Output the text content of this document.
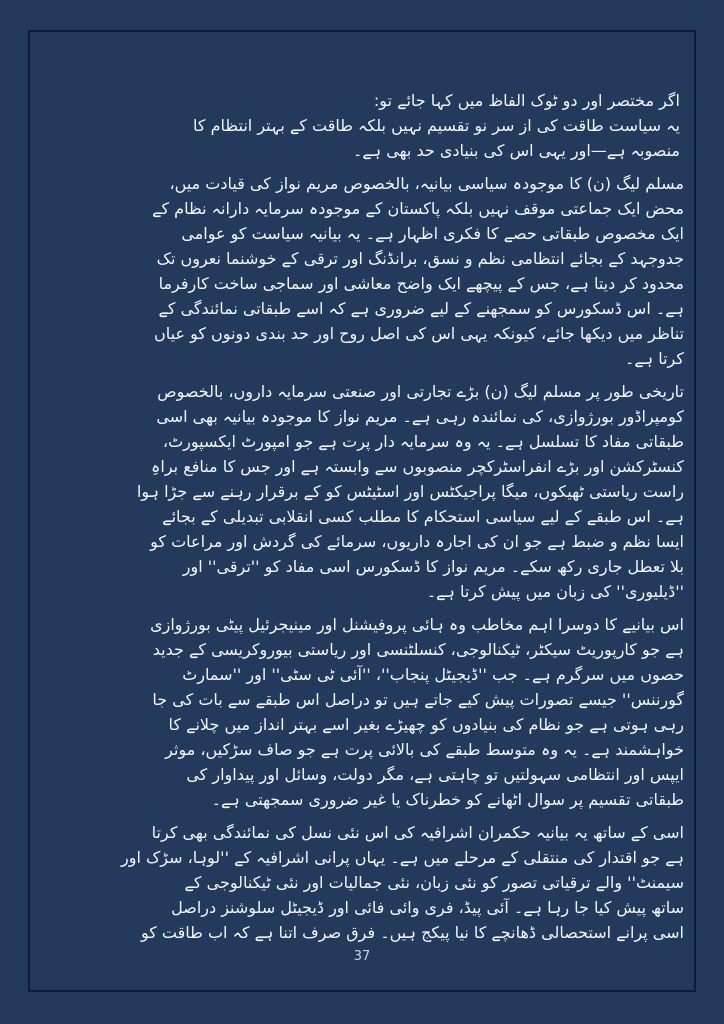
اگر مختصر اور دو ٹوک الفاظ میں کہا جائے تو:
یہ سیاست طاقت کی از سر نو تقسیم نہیں بلکہ طاقت کے بہتر انتظام کا
منصوبہ ہے—اور یہی اس کی بنیادی حد بھی ہے۔
مسلم لیگ (ن) کا موجودہ سیاسی بیانیہ، بالخصوص مریم نواز کی قیادت میں،
محض ایک جماعتی موقف نہیں بلکہ پاکستان کے موجودہ سرمایہ دارانہ نظام کے
ایک مخصوص طبقاتی حصے کا فکری اظہار ہے۔ یہ بیانیہ سیاست کو عوامی
جدوجہد کے بجائے انتظامی نظم و نسق، برانڈنگ اور ترقی کے خوشنما نعروں تک
محدود کر دیتا ہے، جس کے پیچھے ایک واضح معاشی اور سماجی ساخت کارفرما
ہے۔ اس ڈسکورس کو سمجھنے کے لیے ضروری ہے کہ اسے طبقاتی نمائندگی کے
تناظر میں دیکھا جائے، کیونکہ یہی اس کی اصل روح اور حد بندی دونوں کو عیاں
کرتا ہے۔
تاریخی طور پر مسلم لیگ (ن) بڑے تجارتی اور صنعتی سرمایہ داروں، بالخصوص
کومپراڈور بورژوازی، کی نمائندہ رہی ہے۔ مریم نواز کا موجودہ بیانیہ بھی اسی
طبقاتی مفاد کا تسلسل ہے۔ یہ وہ سرمایہ دار پرت ہے جو امپورٹ ایکسپورٹ،
کنسٹرکشن اور بڑے انفراسٹرکچر منصوبوں سے وابستہ ہے اور جس کا منافع براہِ
راست ریاستی ٹھیکوں، میگا پراجیکٹس اور اسٹیٹس کو کے برقرار رہنے سے جڑا ہوا
ہے۔ اس طبقے کے لیے سیاسی استحکام کا مطلب کسی انقلابی تبدیلی کے بجائے
ایسا نظم و ضبط ہے جو ان کی اجارہ داریوں، سرمائے کی گردش اور مراعات کو
بلا تعطل جاری رکھ سکے۔ مریم نواز کا ڈسکورس اسی مفاد کو ''ترقی'' اور
''ڈیلیوری'' کی زبان میں پیش کرتا ہے۔
اس بیانیے کا دوسرا اہم مخاطب وہ ہائی پروفیشنل اور مینیجرئیل پیٹی بورژوازی
ہے جو کارپوریٹ سیکٹر، ٹیکنالوجی، کنسلٹنسی اور ریاستی بیوروکریسی کے جدید
حصوں میں سرگرم ہے۔ جب ''ڈیجیٹل پنجاب''، ''آئی ٹی سٹی'' اور ''سمارٹ
گورننس'' جیسے تصورات پیش کیے جاتے ہیں تو دراصل اس طبقے سے بات کی جا
رہی ہوتی ہے جو نظام کی بنیادوں کو چھیڑے بغیر اسے بہتر انداز میں چلانے کا
خواہشمند ہے۔ یہ وہ متوسط طبقے کی بالائی پرت ہے جو صاف سڑکیں، موثر
ایپس اور انتظامی سہولتیں تو چاہتی ہے، مگر دولت، وسائل اور پیداوار کی
طبقاتی تقسیم پر سوال اٹھانے کو خطرناک یا غیر ضروری سمجھتی ہے۔
اسی کے ساتھ یہ بیانیہ حکمران اشرافیہ کی اس نئی نسل کی نمائندگی بھی کرتا
ہے جو اقتدار کی منتقلی کے مرحلے میں ہے۔ یہاں پرانی اشرافیہ کے ''لوہا، سڑک اور
سیمنٹ'' والے ترقیاتی تصور کو نئی زبان، نئی جمالیات اور نئی ٹیکنالوجی کے
ساتھ پیش کیا جا رہا ہے۔ آئی پیڈ، فری وائی فائی اور ڈیجیٹل سلوشنز دراصل
اسی پرانے استحصالی ڈھانچے کا نیا پیکج ہیں۔ فرق صرف اتنا ہے کہ اب طاقت کو
37
